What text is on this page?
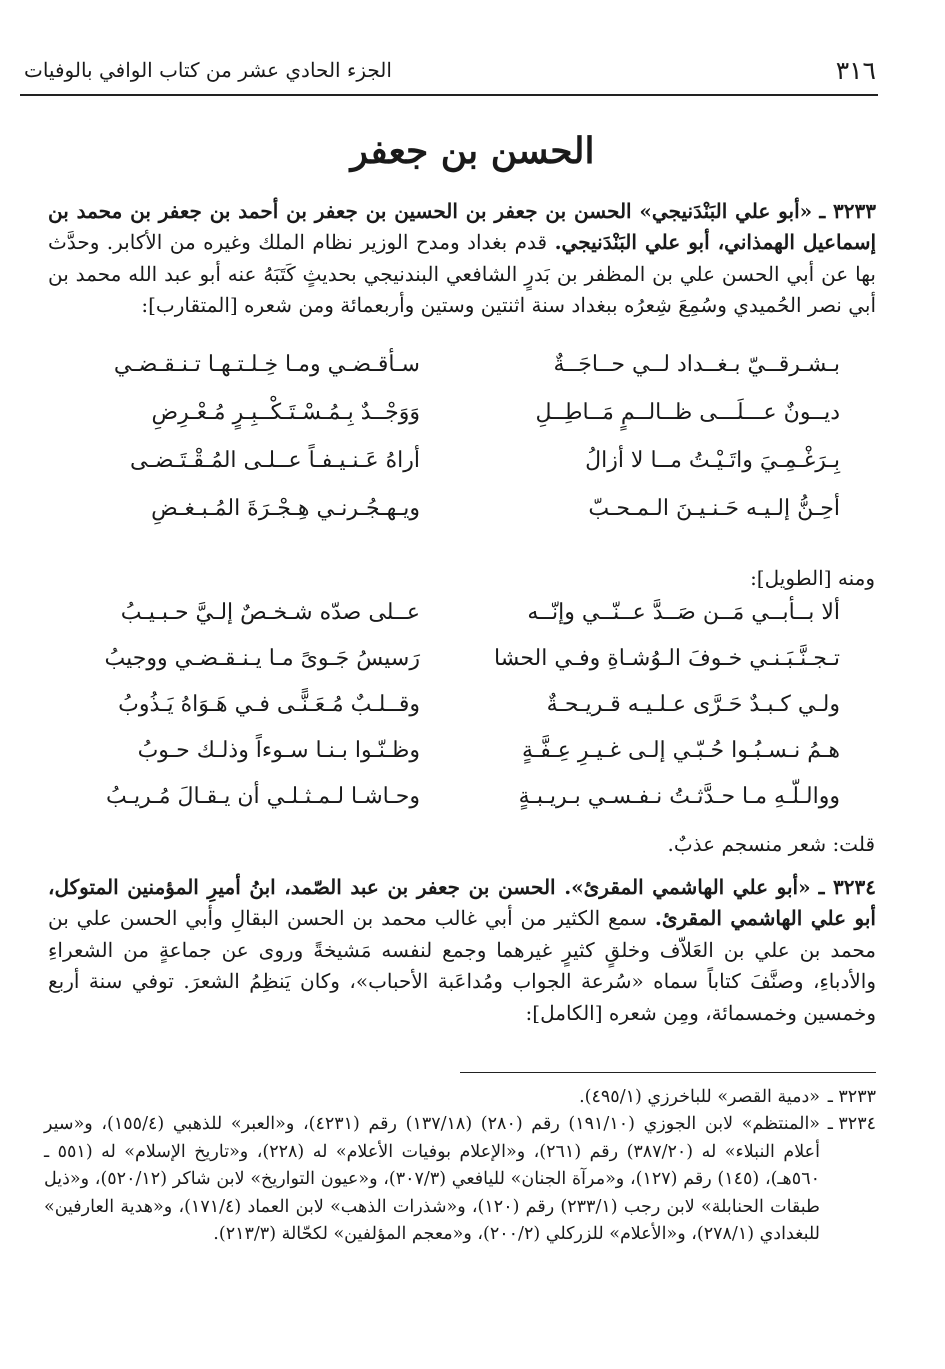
٣١٦
الجزء الحادي عشر من كتاب الوافي بالوفيات
الحسن بن جعفر
٣٢٣٣ ـ «أبو علي البَنْدَنيجي» الحسن بن جعفر بن الحسين بن جعفر بن أحمد بن جعفر بن محمد بن إسماعيل الهمذاني، أبو علي البَنْدَنيجي. قدم بغداد ومدح الوزير نظام الملك وغيره من الأكابر. وحدَّث بها عن أبي الحسن علي بن المظفر بن بَدرٍ الشافعي البندنيجي بحديثٍ كَتَبَهُ عنه أبو عبد الله محمد بن أبي نصر الحُميدي وسُمِعَ شِعرُه ببغداد سنة اثنتين وستين وأربعمائة ومن شعره [المتقارب]:
بـشـرقــيّ بـغــداد لــي حــاجَــةٌ
سـأقـضـي ومـا خِـلـتـهـا تـنـقـضـي
ديــونٌ عـــلَـــى ظــالــمٍ مَــاطِــلِ
وَوَجْــدٌ بِـمُـسْـتَـكْــبِـرٍ مُـعْـرِضِ
بِـرَغْـمِـيَ واتَـيْـتُ مــا لا أزالُ
أراهُ عَـنـيـفـاً عــلـى المُـقْـتَـضـى
أحِـنُّ إلـيـه حَـنـيـنَ الـمـحـبّ
ويـهـجُـرنـي هِـجْـرَةَ المُـبـغـضِ
ومنه [الطويل]:
ألا بــأبــي مَــن صَــدَّ عــنّــي وإنّــه
عــلى صدّه شـخـصٌ إلـيَّ حـبـيـبُ
تـجـنَّـبَـنـي خـوفَ الـوُشـاةِ وفـي الحشا
رَسيسُ جَـوىً مـا يـنـقـضـي ووجيبُ
ولـي كـبـدٌ حَـرَّى عـلـيـه قـريـحـةٌ
وقــلـبٌ مُـعَـنًّـى فـي هَـوَاهُ يَـذُوبُ
هـمُ نـسـبُـوا حُـبّـي إلـى غـيـرِ عِـفَّـةٍ
وظـنّـوا بـنـا سـوءاً وذلـك حـوبُ
ووالـلّـهِ مـا حـدَّثـتُ نـفـسـي بـريـبـةٍ
وحـاشـا لـمـثـلـي أن يـقـالَ مُـريـبُ
قلت: شعر منسجم عذبٌ.
٣٢٣٤ ـ «أبو علي الهاشمي المقرئ». الحسن بن جعفر بن عبد الصّمد، ابنُ أميرِ المؤمنين المتوكل، أبو علي الهاشمي المقرئ. سمع الكثير من أبي غالب محمد بن الحسن البقالِ وأبي الحسن علي بن محمد بن علي بن العَلاّف وخلقٍ كثيرٍ غيرهما وجمع لنفسه مَشيخةً وروى عن جماعةٍ من الشعراءِ والأدباءِ، وصنَّفَ كتاباً سماه «سُرعة الجواب ومُداعَبة الأحباب»، وكان يَنظِمُ الشعرَ. توفي سنة أربع وخمسين وخمسمائة، ومِن شعره [الكامل]:
٣٢٣٣ ـ
«دمية القصر» للباخرزي (٤٩٥/١).
٣٢٣٤ ـ
«المنتظم» لابن الجوزي (١٩١/١٠) رقم (٢٨٠) (١٣٧/١٨) رقم (٤٢٣١)، و«العبر» للذهبي (١٥٥/٤)، و«سير أعلام النبلاء» له (٣٨٧/٢٠) رقم (٢٦١)، و«الإعلام بوفيات الأعلام» له (٢٢٨)، و«تاريخ الإسلام» له (٥٥١ ـ ٥٦٠هـ)، (١٤٥) رقم (١٢٧)، و«مرآة الجنان» لليافعي (٣٠٧/٣)، و«عيون التواريخ» لابن شاكر (٥٢٠/١٢)، و«ذيل طبقات الحنابلة» لابن رجب (٢٣٣/١) رقم (١٢٠)، و«شذرات الذهب» لابن العماد (١٧١/٤)، و«هدية العارفين» للبغدادي (٢٧٨/١)، و«الأعلام» للزركلي (٢٠٠/٢)، و«معجم المؤلفين» لكحّالة (٢١٣/٣).
